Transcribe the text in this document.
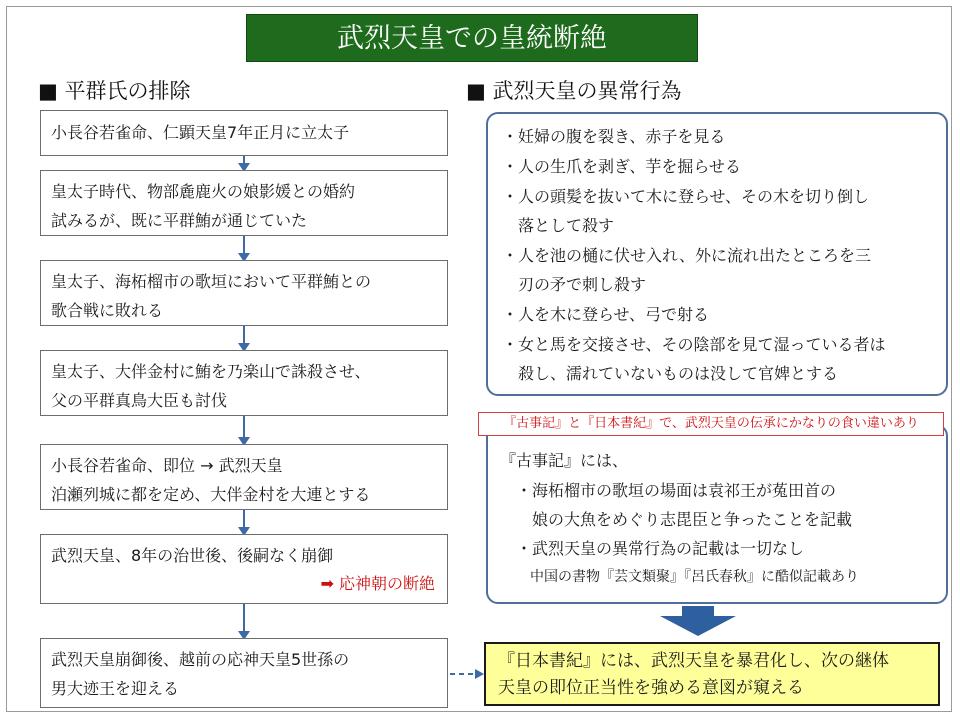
武烈天皇での皇統断絶
■ 平群氏の排除	■ 武烈天皇の異常行為
小長谷若雀命、仁顕天皇7年正月に立太子
皇太子時代、物部麁鹿火の娘影媛との婚約
試みるが、既に平群鮪が通じていた
皇太子、海柘榴市の歌垣において平群鮪との
歌合戦に敗れる
皇太子、大伴金村に鮪を乃楽山で誅殺させ、
父の平群真鳥大臣も討伐
小長谷若雀命、即位 → 武烈天皇
泊瀬列城に都を定め、大伴金村を大連とする
武烈天皇、8年の治世後、後嗣なく崩御
➡ 応神朝の断絶
武烈天皇崩御後、越前の応神天皇5世孫の
男大迹王を迎える
・妊婦の腹を裂き、赤子を見る
・人の生爪を剥ぎ、芋を掘らせる
・人の頭髪を抜いて木に登らせ、その木を切り倒し
　落として殺す
・人を池の樋に伏せ入れ、外に流れ出たところを三
　刃の矛で刺し殺す
・人を木に登らせ、弓で射る
・女と馬を交接させ、その陰部を見て湿っている者は
　殺し、濡れていないものは没して官婢とする
『古事記』には、
・海柘榴市の歌垣の場面は袁祁王が菟田首の
　娘の大魚をめぐり志毘臣と争ったことを記載
・武烈天皇の異常行為の記載は一切なし
　中国の書物『芸文類聚』『呂氏春秋』に酷似記載あり
『古事記』と『日本書紀』で、武烈天皇の伝承にかなりの食い違いあり
『日本書紀』には、武烈天皇を暴君化し、次の継体
天皇の即位正当性を強める意図が窺える
